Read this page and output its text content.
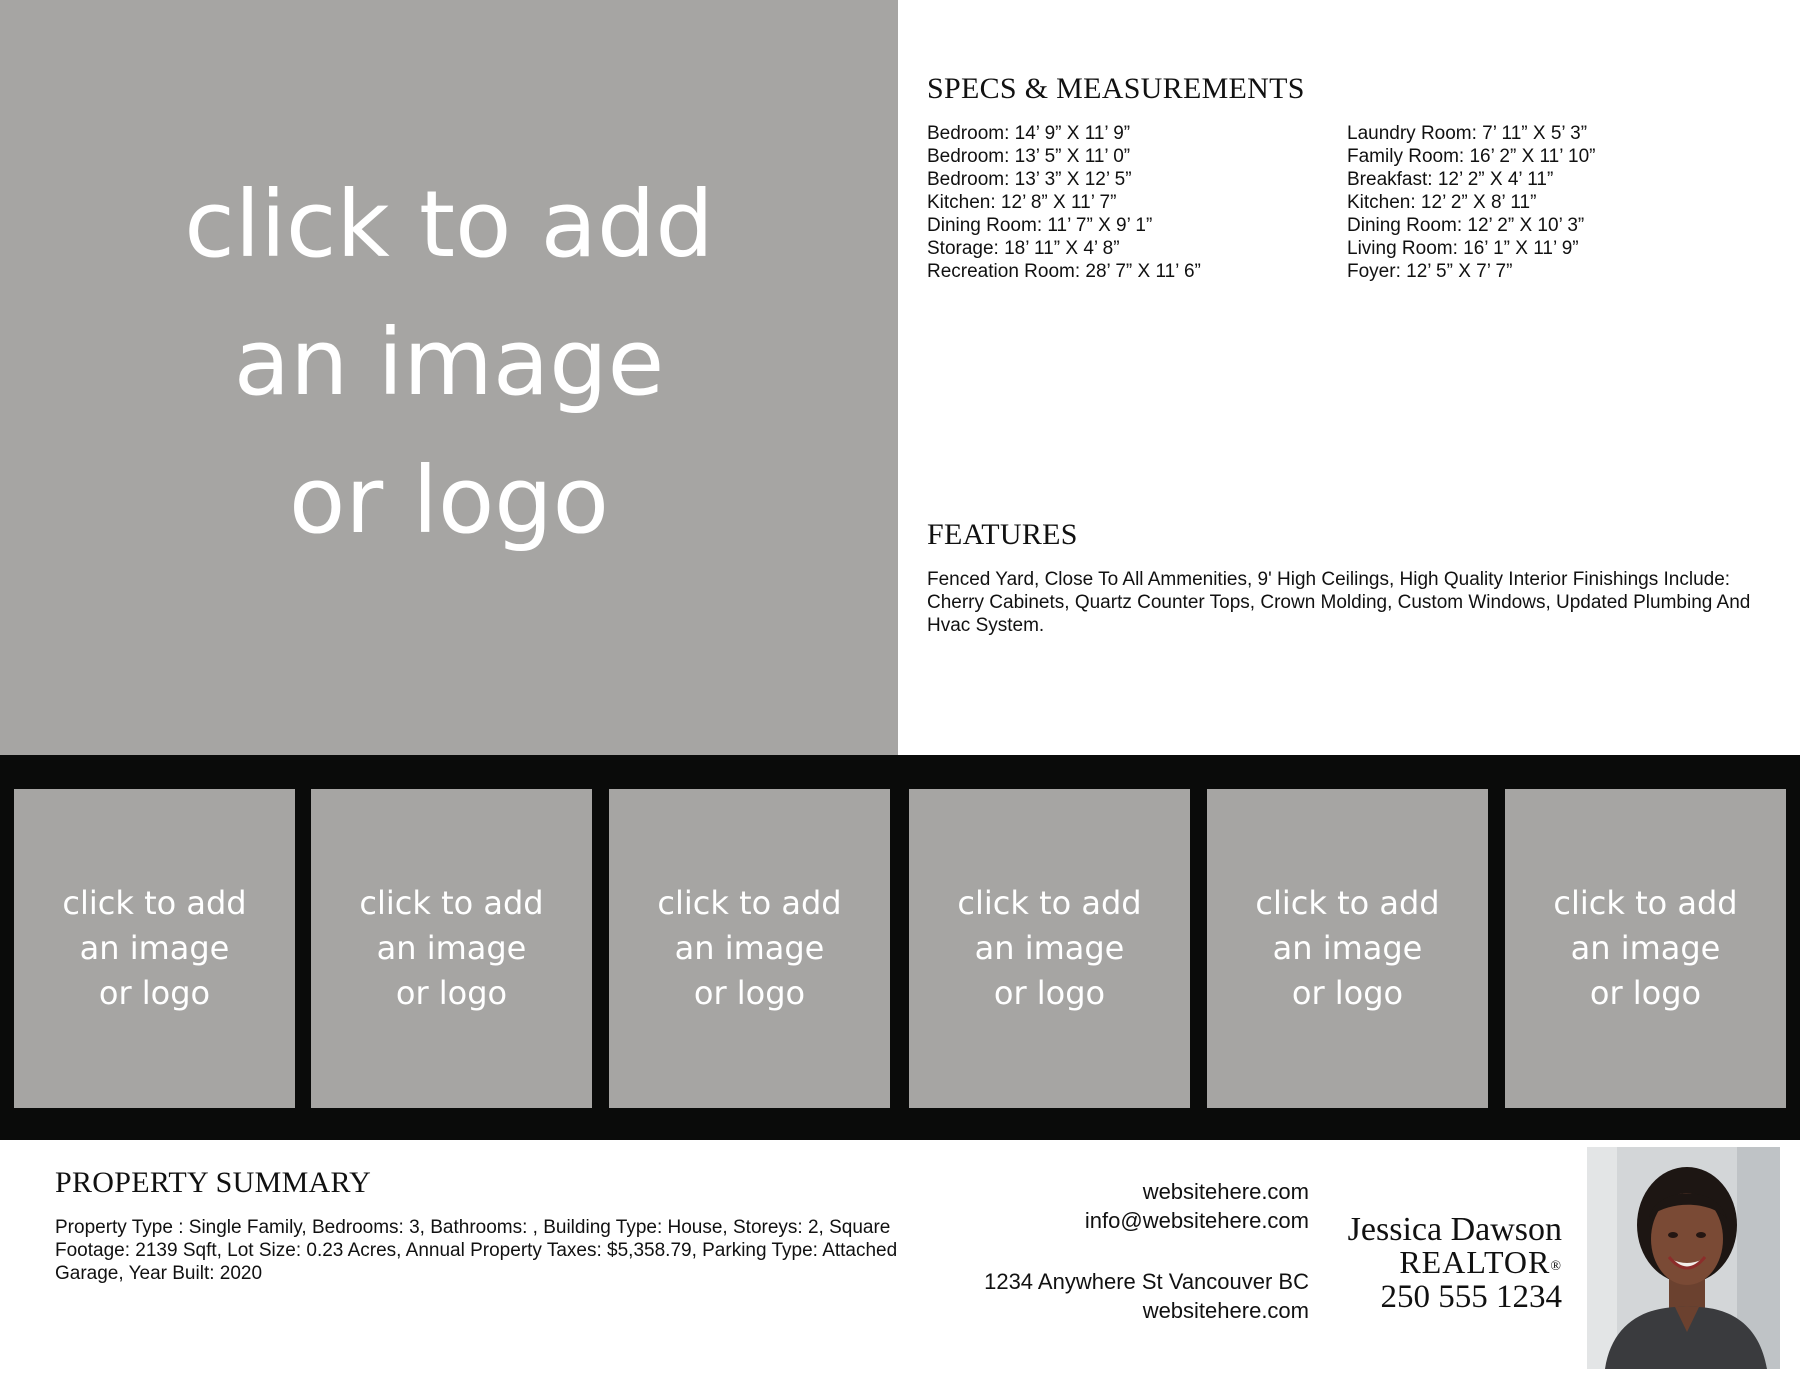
click to add
an image
or logo
SPECS & MEASUREMENTS
Bedroom: 14’ 9” X 11’ 9”
Bedroom: 13’ 5” X 11’ 0”
Bedroom: 13’ 3” X 12’ 5”
Kitchen: 12’ 8” X 11’ 7”
Dining Room: 11’ 7” X 9’ 1”
Storage: 18’ 11” X 4’ 8”
Recreation Room: 28’ 7” X 11’ 6”
Laundry Room: 7’ 11” X 5’ 3”
Family Room: 16’ 2” X 11’ 10”
Breakfast: 12’ 2” X 4’ 11”
Kitchen: 12’ 2” X 8’ 11”
Dining Room: 12’ 2” X 10’ 3”
Living Room: 16’ 1” X 11’ 9”
Foyer: 12’ 5” X 7’ 7”
FEATURES
Fenced Yard, Close To All Ammenities, 9' High Ceilings, High Quality Interior Finishings Include: Cherry Cabinets, Quartz Counter Tops, Crown Molding, Custom Windows, Updated Plumbing And Hvac System.
click to add
an image
or logo
click to add
an image
or logo
click to add
an image
or logo
click to add
an image
or logo
click to add
an image
or logo
click to add
an image
or logo
PROPERTY SUMMARY
Property Type : Single Family, Bedrooms: 3, Bathrooms: , Building Type: House, Storeys: 2, Square Footage: 2139 Sqft, Lot Size: 0.23 Acres, Annual Property Taxes: $5,358.79, Parking Type: Attached Garage, Year Built: 2020
websitehere.com
info@websitehere.com
1234 Anywhere St Vancouver BC
websitehere.com
Jessica Dawson
REALTOR®
250 555 1234
